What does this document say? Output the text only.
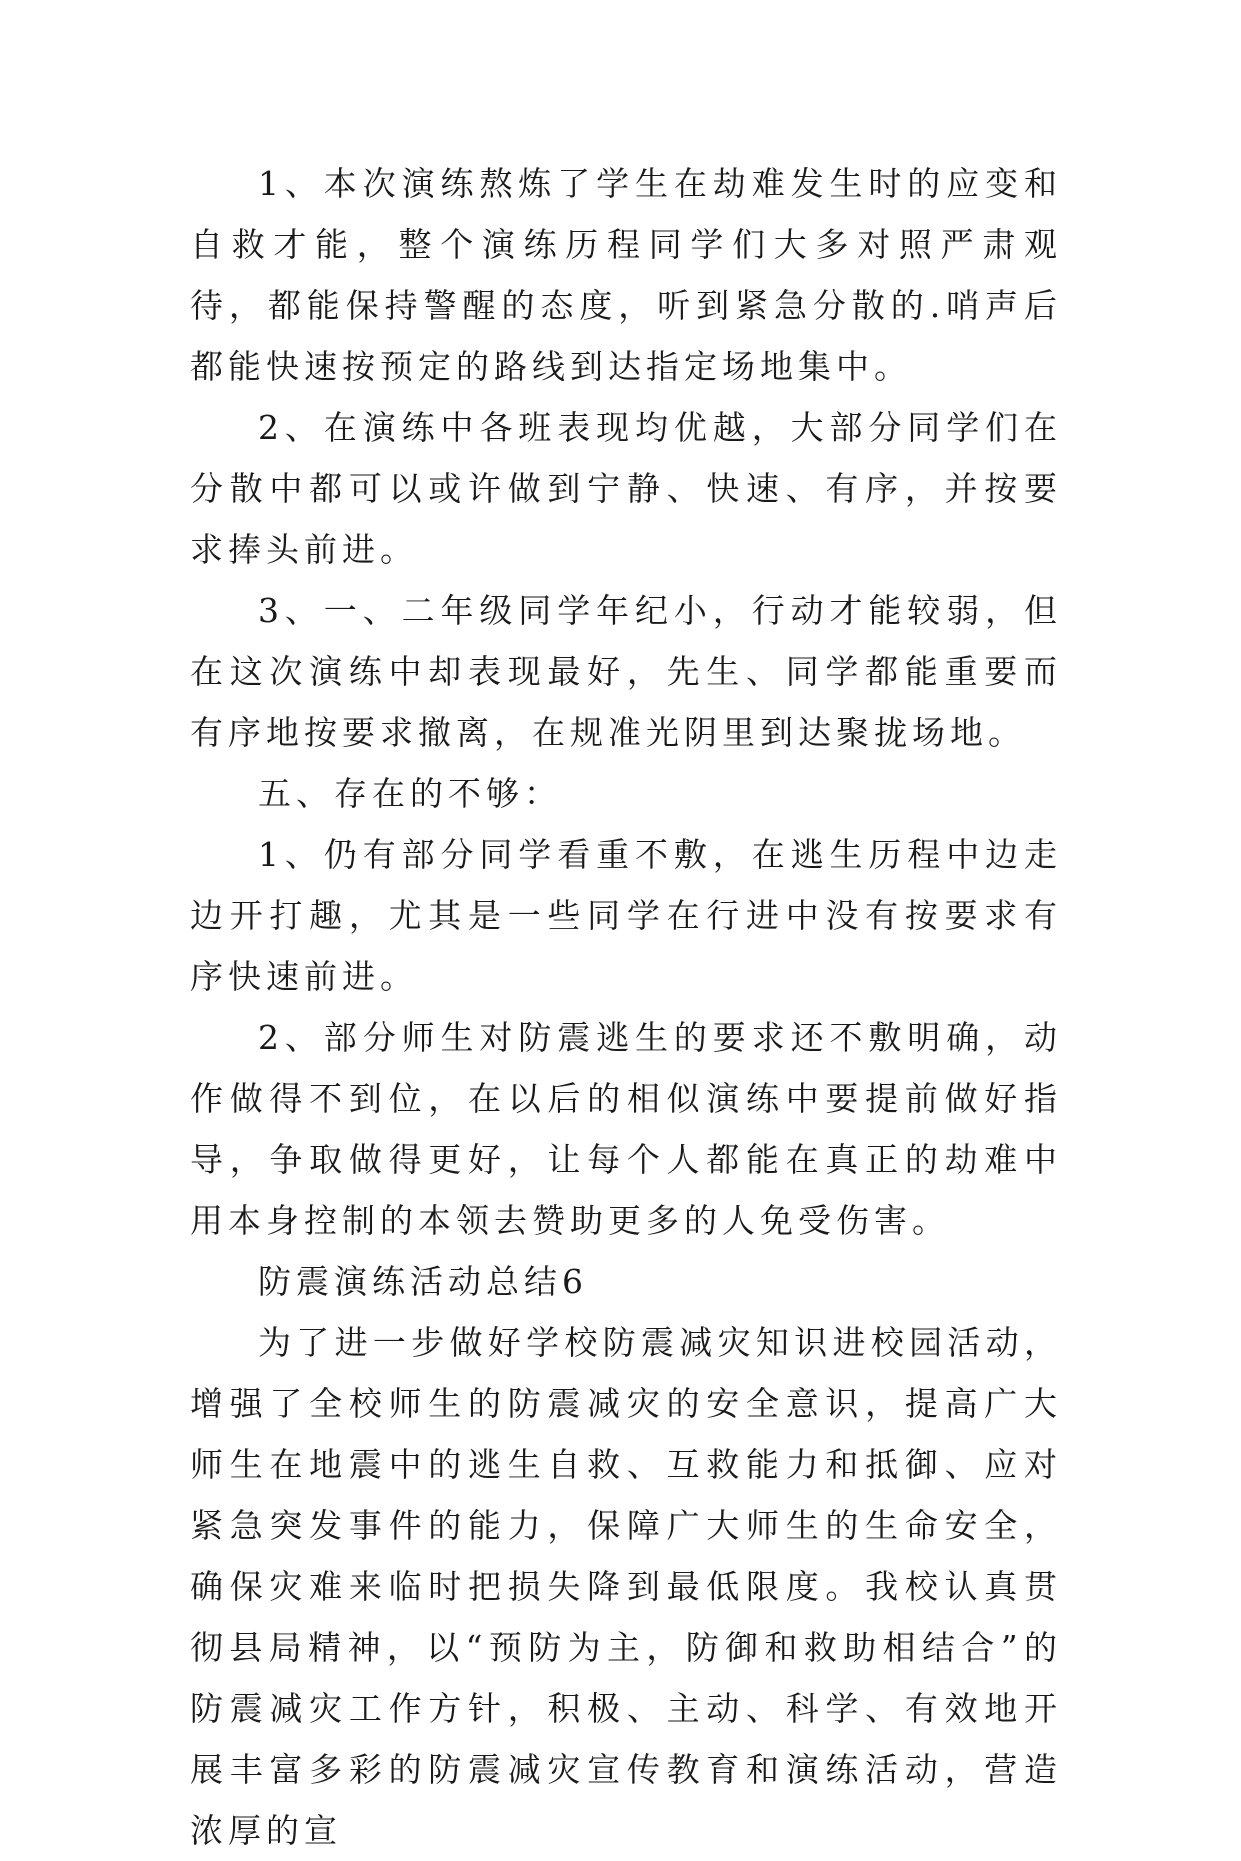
1、本次演练熬炼了学生在劫难发生时的应变和自救才能，整个演练历程同学们大多对照严肃观待，都能保持警醒的态度，听到紧急分散的.哨声后都能快速按预定的路线到达指定场地集中。

2、在演练中各班表现均优越，大部分同学们在分散中都可以或许做到宁静、快速、有序，并按要求捧头前进。

3、一、二年级同学年纪小，行动才能较弱，但在这次演练中却表现最好，先生、同学都能重要而有序地按要求撤离，在规准光阴里到达聚拢场地。

五、存在的不够：

1、仍有部分同学看重不敷，在逃生历程中边走边开打趣，尤其是一些同学在行进中没有按要求有序快速前进。

2、部分师生对防震逃生的要求还不敷明确，动作做得不到位，在以后的相似演练中要提前做好指导，争取做得更好，让每个人都能在真正的劫难中用本身控制的本领去赞助更多的人免受伤害。

防震演练活动总结6

为了进一步做好学校防震减灾知识进校园活动，增强了全校师生的防震减灾的安全意识，提高广大师生在地震中的逃生自救、互救能力和抵御、应对紧急突发事件的能力，保障广大师生的生命安全，确保灾难来临时把损失降到最低限度。我校认真贯彻县局精神，以“预防为主，防御和救助相结合”的防震减灾工作方针，积极、主动、科学、有效地开展丰富多彩的防震减灾宣传教育和演练活动，营造浓厚的宣
